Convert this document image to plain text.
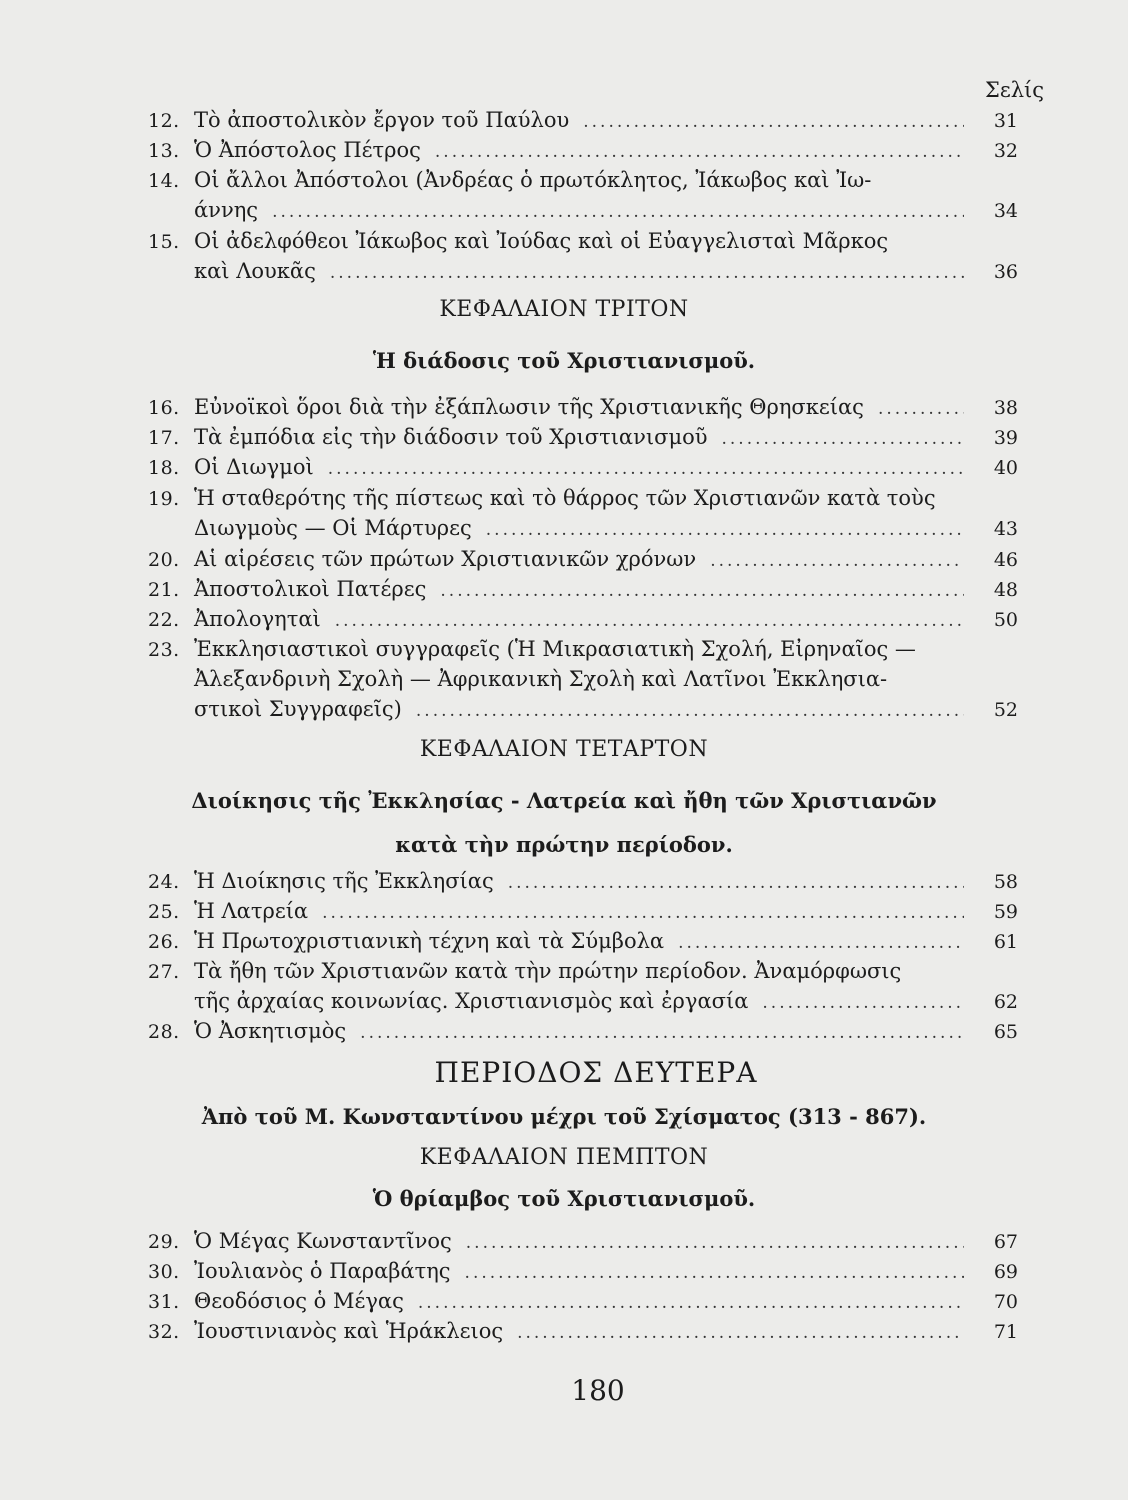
Σελίς
12. Τὸ ἀποστολικὸν ἔργον τοῦ Παύλου .....	31
13. Ὁ Ἀπόστολος Πέτρος .....	32
14. Οἱ ἄλλοι Ἀπόστολοι (Ἀνδρέας ὁ πρωτόκλητος, Ἰάκωβος καὶ Ἰω-
άννης .....	34
15. Οἱ ἀδελφόθεοι Ἰάκωβος καὶ Ἰούδας καὶ οἱ Εὐαγγελισταὶ Μᾶρκος
καὶ Λουκᾶς .....	36
ΚΕΦΑΛΑΙΟΝ ΤΡΙΤΟΝ
Ἡ διάδοσις τοῦ Χριστιανισμοῦ.
16. Εὐνοϊκοὶ ὅροι διὰ τὴν ἐξάπλωσιν τῆς Χριστιανικῆς Θρησκείας .....	38
17. Τὰ ἐμπόδια εἰς τὴν διάδοσιν τοῦ Χριστιανισμοῦ .....	39
18. Οἱ Διωγμοὶ .....	40
19. Ἡ σταθερότης τῆς πίστεως καὶ τὸ θάρρος τῶν Χριστιανῶν κατὰ τοὺς
Διωγμοὺς — Οἱ Μάρτυρες .....	43
20. Αἱ αἱρέσεις τῶν πρώτων Χριστιανικῶν χρόνων .....	46
21. Ἀποστολικοὶ Πατέρες .....	48
22. Ἀπολογηταὶ .....	50
23. Ἐκκλησιαστικοὶ συγγραφεῖς (Ἡ Μικρασιατικὴ Σχολή, Εἰρηναῖος —
Ἀλεξανδρινὴ Σχολὴ — Ἀφρικανικὴ Σχολὴ καὶ Λατῖνοι Ἐκκλησια-
στικοὶ Συγγραφεῖς) .....	52
ΚΕΦΑΛΑΙΟΝ ΤΕΤΑΡΤΟΝ
Διοίκησις τῆς Ἐκκλησίας - Λατρεία καὶ ἤθη τῶν Χριστιανῶν
κατὰ τὴν πρώτην περίοδον.
24. Ἡ Διοίκησις τῆς Ἐκκλησίας .....	58
25. Ἡ Λατρεία .....	59
26. Ἡ Πρωτοχριστιανικὴ τέχνη καὶ τὰ Σύμβολα .....	61
27. Τὰ ἤθη τῶν Χριστιανῶν κατὰ τὴν πρώτην περίοδον. Ἀναμόρφωσις
τῆς ἀρχαίας κοινωνίας. Χριστιανισμὸς καὶ ἐργασία .....	62
28. Ὁ Ἀσκητισμὸς .....	65
ΠΕΡΙΟΔΟΣ ΔΕΥΤΕΡΑ
Ἀπὸ τοῦ Μ. Κωνσταντίνου μέχρι τοῦ Σχίσματος (313 - 867).
ΚΕΦΑΛΑΙΟΝ ΠΕΜΠΤΟΝ
Ὁ θρίαμβος τοῦ Χριστιανισμοῦ.
29. Ὁ Μέγας Κωνσταντῖνος .....	67
30. Ἰουλιανὸς ὁ Παραβάτης .....	69
31. Θεοδόσιος ὁ Μέγας .....	70
32. Ἰουστινιανὸς καὶ Ἡράκλειος .....	71
180
